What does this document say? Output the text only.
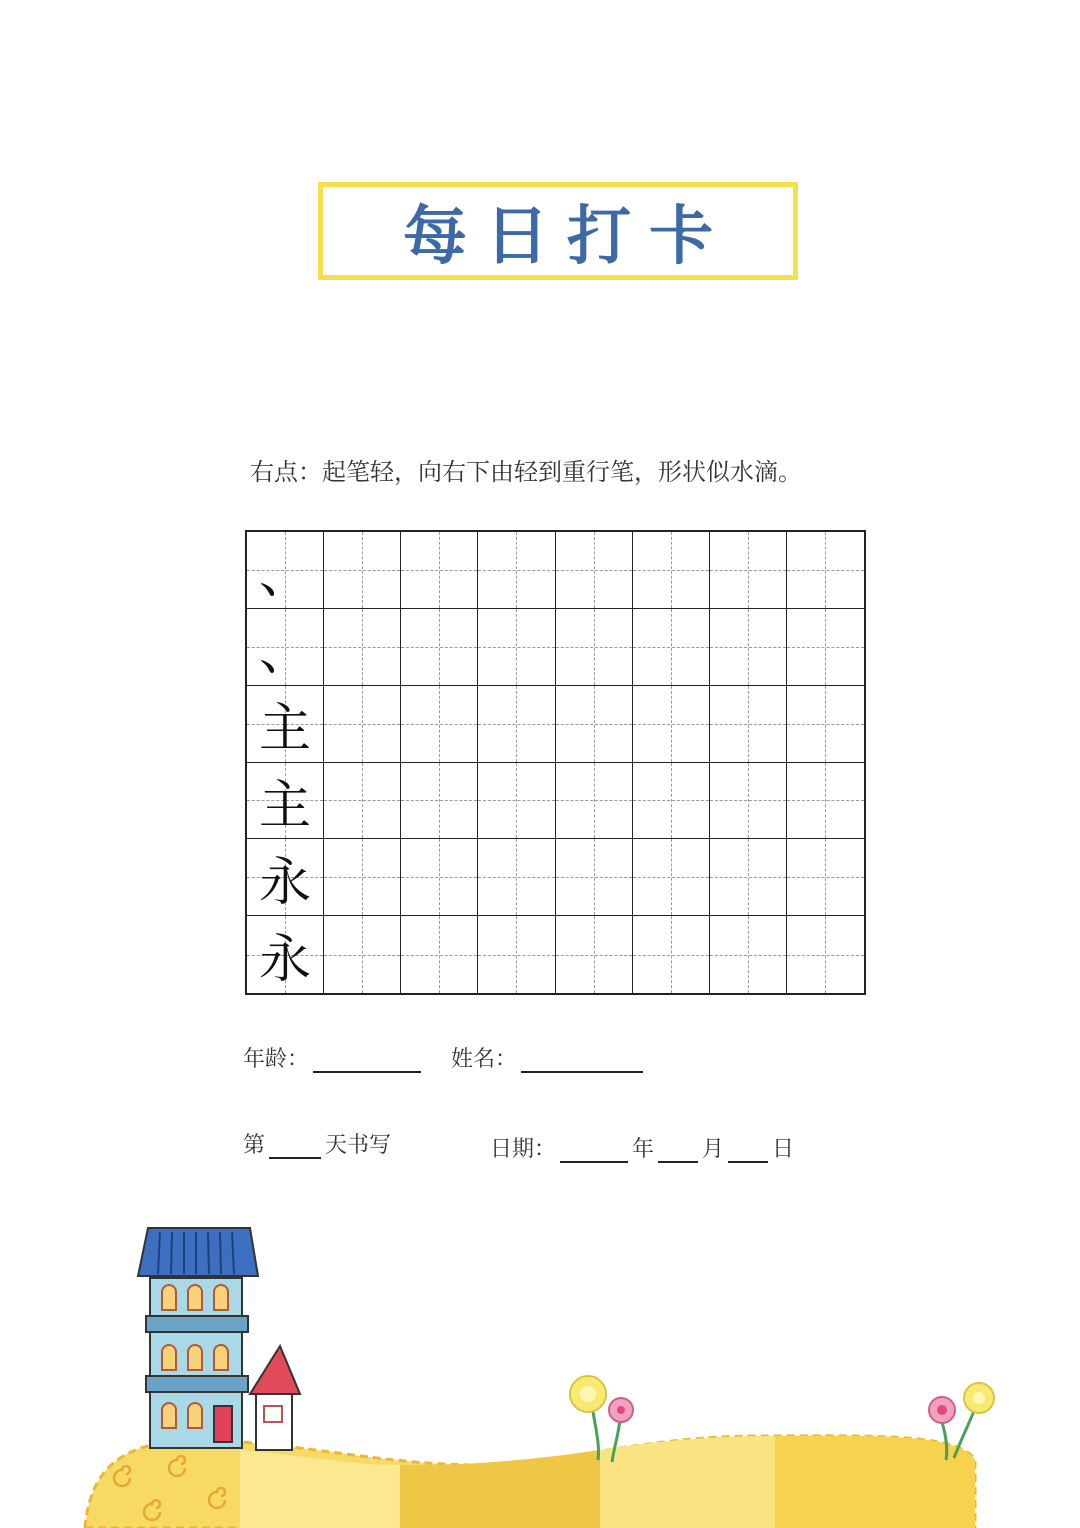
每日打卡
右点：起笔轻，向右下由轻到重行笔，形状似水滴。
、
、
主
主
永
永
年龄：	姓名：
第	天书写	日期：	年 月 日
